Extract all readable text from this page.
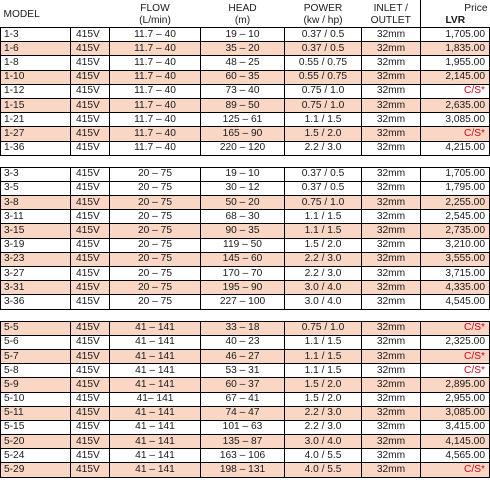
MODEL		FLOW	HEAD	POWER	INLET /	Price
		(L/min)	(m)	(kw / hp)	OUTLET	LVR
1-3	415V	11.7 – 40	19 – 10	0.37 / 0.5	32mm	1,705.00
1-6	415V	11.7 – 40	35 – 20	0.37 / 0.5	32mm	1,835.00
1-8	415V	11.7 – 40	48 – 25	0.55 / 0.75	32mm	1,955.00
1-10	415V	11.7 – 40	60 – 35	0.55 / 0.75	32mm	2,145.00
1-12	415V	11.7 – 40	73 – 40	0.75 / 1.0	32mm	C/S*
1-15	415V	11.7 – 40	89 – 50	0.75 / 1.0	32mm	2,635.00
1-21	415V	11.7 – 40	125 – 61	1.1 / 1.5	32mm	3,085.00
1-27	415V	11.7 – 40	165 – 90	1.5 / 2.0	32mm	C/S*
1-36	415V	11.7 – 40	220 – 120	2.2 / 3.0	32mm	4,215.00

3-3	415V	20 – 75	19 – 10	0.37 / 0.5	32mm	1,705.00
3-5	415V	20 – 75	30 – 12	0.37 / 0.5	32mm	1,795.00
3-8	415V	20 – 75	50 – 20	0.75 / 1.0	32mm	2,255.00
3-11	415V	20 – 75	68 – 30	1.1 / 1.5	32mm	2,545.00
3-15	415V	20 – 75	90 – 35	1.1 / 1.5	32mm	2,735.00
3-19	415V	20 – 75	119 – 50	1.5 / 2.0	32mm	3,210.00
3-23	415V	20 – 75	145 – 60	2.2 / 3.0	32mm	3,555.00
3-27	415V	20 – 75	170 – 70	2.2 / 3.0	32mm	3,715.00
3-31	415V	20 – 75	195 – 90	3.0 / 4.0	32mm	4,335.00
3-36	415V	20 – 75	227 – 100	3.0 / 4.0	32mm	4,545.00

5-5	415V	41 – 141	33 – 18	0.75 / 1.0	32mm	C/S*
5-6	415V	41 – 141	40 – 23	1.1 / 1.5	32mm	2,325.00
5-7	415V	41 – 141	46 – 27	1.1 / 1.5	32mm	C/S*
5-8	415V	41 – 141	53 – 31	1.1 / 1.5	32mm	C/S*
5-9	415V	41 – 141	60 – 37	1.5 / 2.0	32mm	2,895.00
5-10	415V	41– 141	67 – 41	1.5 / 2.0	32mm	2,955.00
5-11	415V	41 – 141	74 – 47	2.2 / 3.0	32mm	3,085.00
5-15	415V	41 – 141	101 – 63	2.2 / 3.0	32mm	3,415.00
5-20	415V	41 – 141	135 – 87	3.0 / 4.0	32mm	4,145.00
5-24	415V	41 – 141	163 – 106	4.0 / 5.5	32mm	4,565.00
5-29	415V	41 – 141	198 – 131	4.0 / 5.5	32mm	C/S*
